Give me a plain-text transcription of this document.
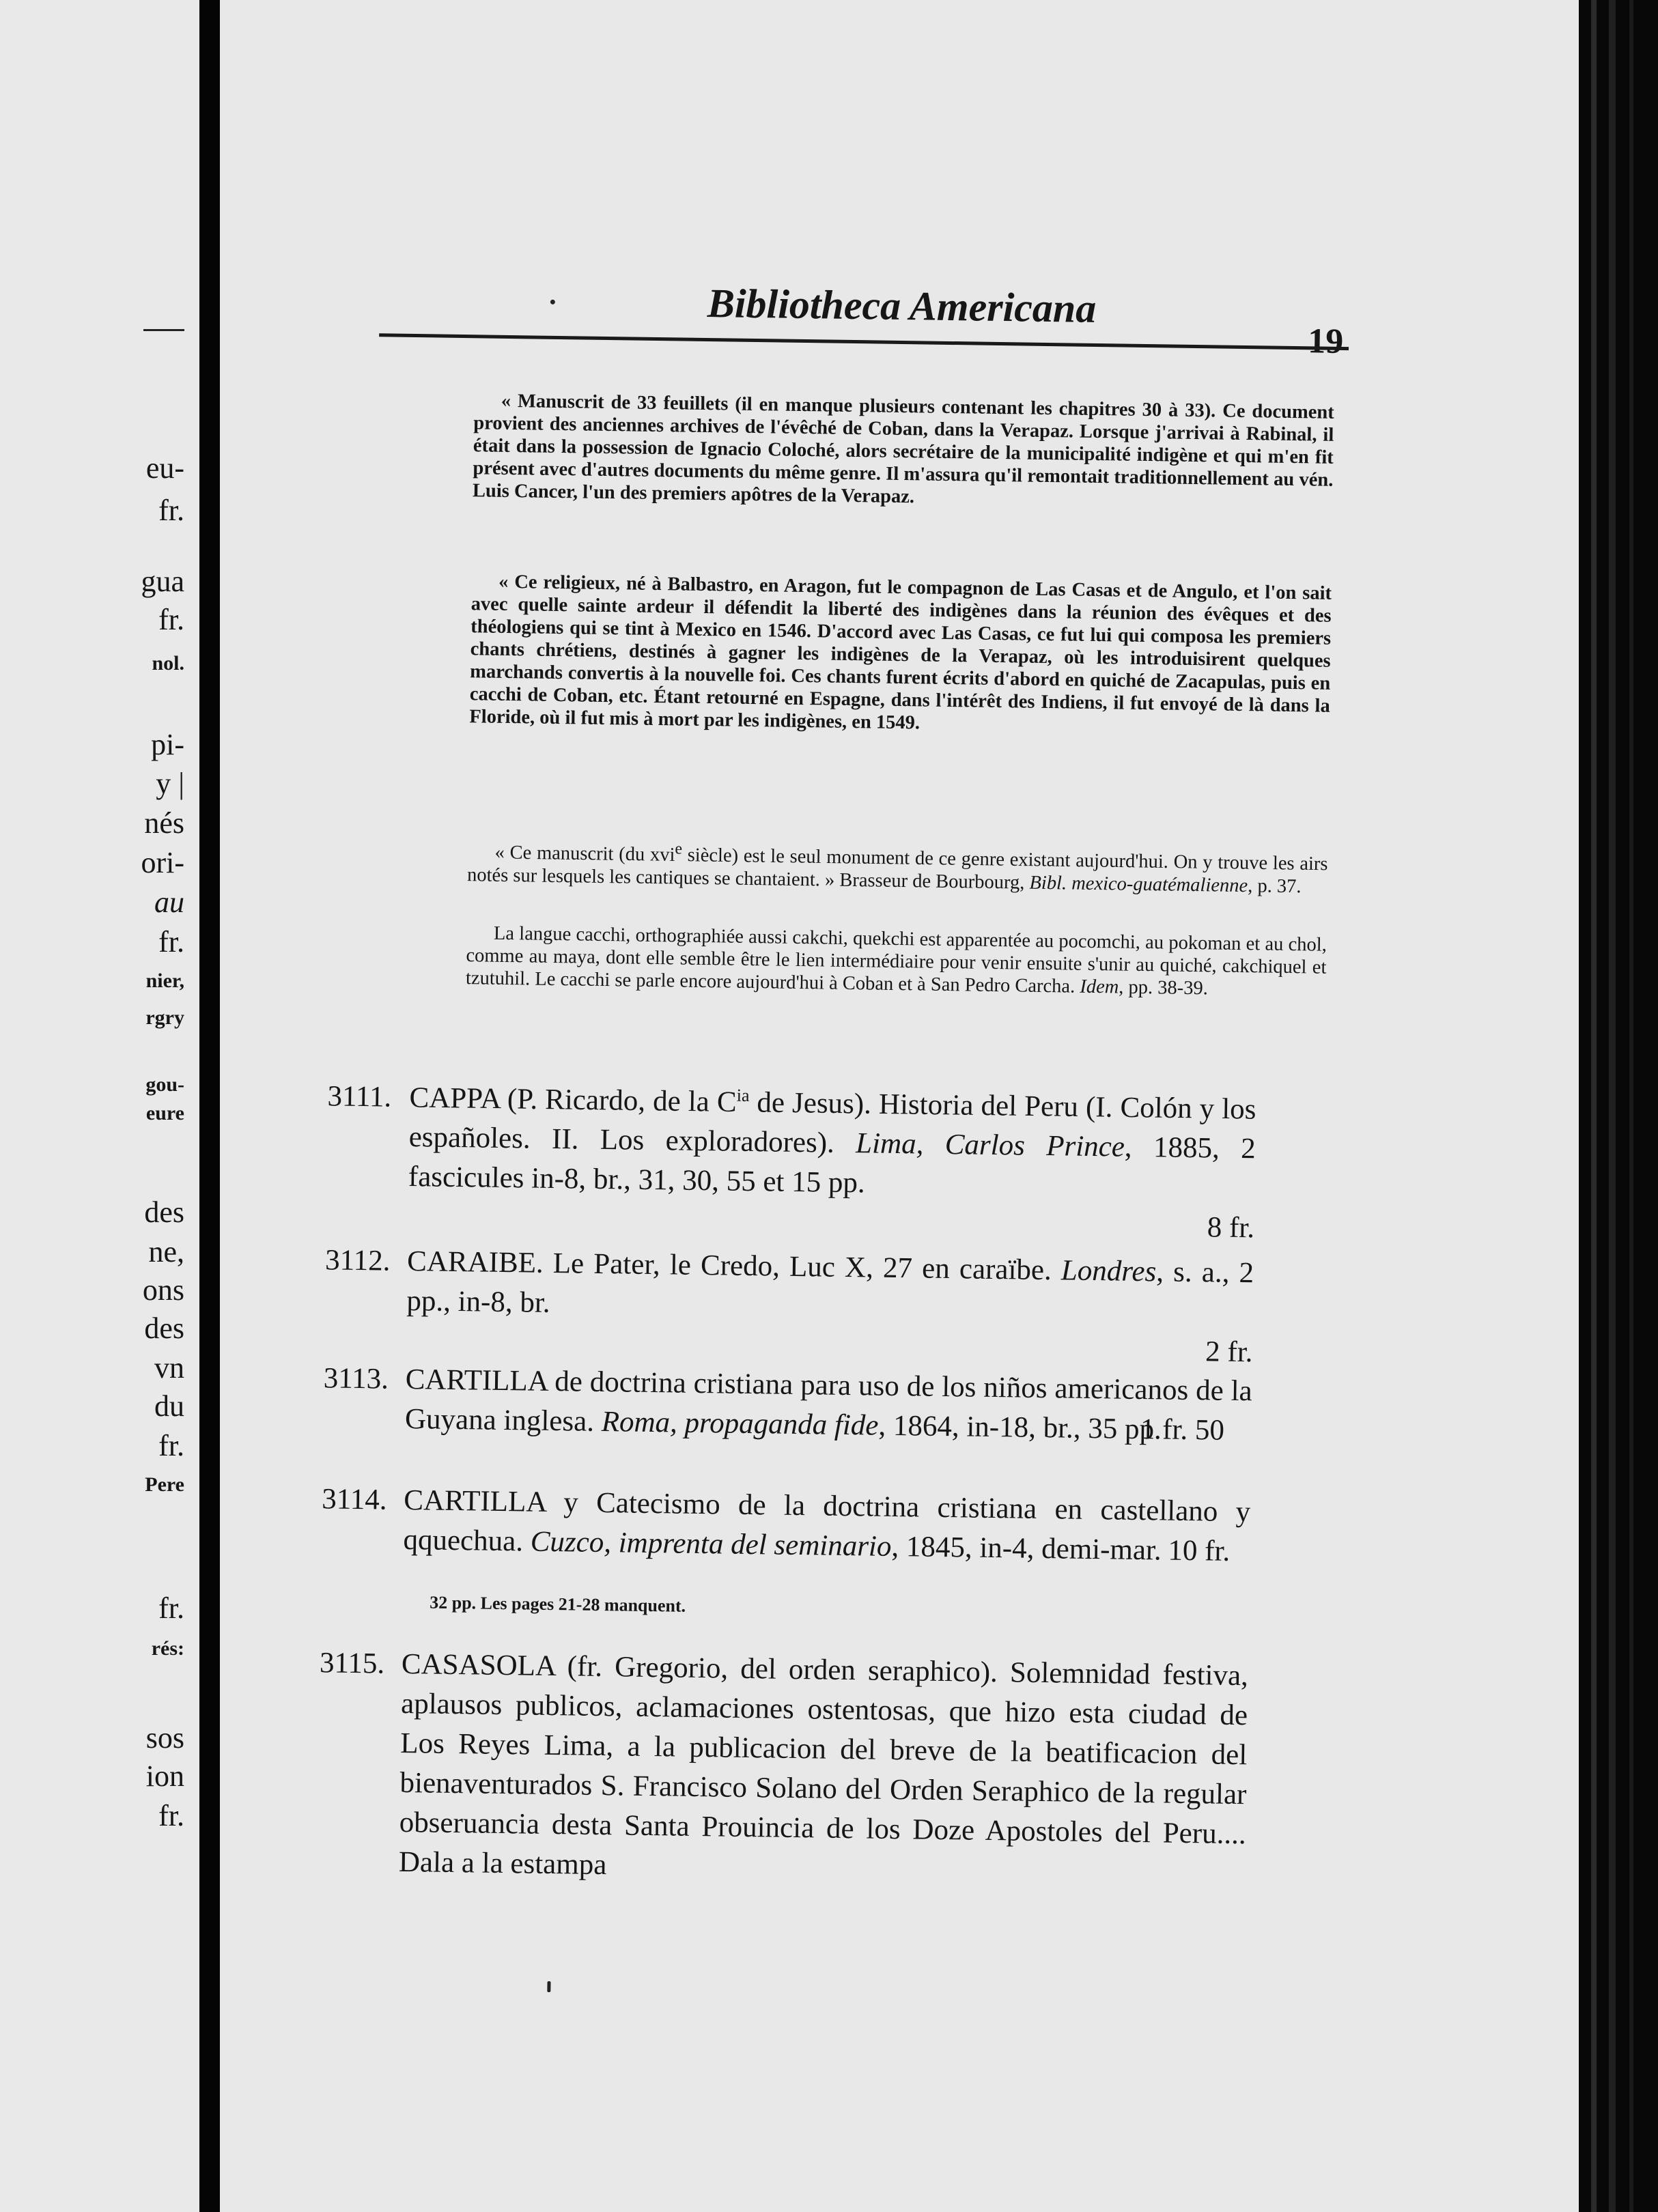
eu-
fr.
gua
fr.
nol.
pi-
y |
nés
ori-
au
fr.
nier,
rgry
gou-
eure
des
ne,
ons
des
vn
du
fr.
Pere
fr.
rés:
sos
ion
fr.
Bibliotheca Americana
19
« Manuscrit de 33 feuillets (il en manque plusieurs contenant les chapitres 30 à 33). Ce document provient des anciennes archives de l'évêché de Coban, dans la Verapaz. Lorsque j'arrivai à Rabinal, il était dans la possession de Ignacio Coloché, alors secrétaire de la municipalité indigène et qui m'en fit présent avec d'autres documents du même genre. Il m'assura qu'il remontait traditionnellement au vén. Luis Cancer, l'un des premiers apôtres de la Verapaz.
« Ce religieux, né à Balbastro, en Aragon, fut le compagnon de Las Casas et de Angulo, et l'on sait avec quelle sainte ardeur il défendit la liberté des indigènes dans la réunion des évêques et des théologiens qui se tint à Mexico en 1546. D'accord avec Las Casas, ce fut lui qui composa les premiers chants chrétiens, destinés à gagner les indigènes de la Verapaz, où les introduisirent quelques marchands convertis à la nouvelle foi. Ces chants furent écrits d'abord en quiché de Zacapulas, puis en cacchi de Coban, etc. Étant retourné en Espagne, dans l'intérêt des Indiens, il fut envoyé de là dans la Floride, où il fut mis à mort par les indigènes, en 1549.
« Ce manuscrit (du xvi$^e$ siècle) est le seul monument de ce genre existant aujourd'hui. On y trouve les airs notés sur lesquels les cantiques se chantaient. » Brasseur de Bourbourg, Bibl. mexico-guatémalienne, p. 37.
La langue cacchi, orthographiée aussi cakchi, quekchi est apparentée au pocomchi, au pokoman et au chol, comme au maya, dont elle semble être le lien intermédiaire pour venir ensuite s'unir au quiché, cakchiquel et tzutuhil. Le cacchi se parle encore aujourd'hui à Coban et à San Pedro Carcha. Idem, pp. 38-39.
3111. CAPPA (P. Ricardo, de la $C^{ia}$ de Jesus). Historia del Peru (I. Colón y los españoles. II. Los exploradores). Lima, Carlos Prince, 1885, 2 fascicules in-8, br., 31, 30, 55 et 15 pp.
8 fr.
3112. CARAIBE. Le Pater, le Credo, Luc X, 27 en caraïbe. Londres, s. a., 2 pp., in-8, br.
2 fr.
3113. CARTILLA de doctrina cristiana para uso de los niños americanos de la Guyana inglesa. Roma, propaganda fide, 1864, in-18, br., 35 pp.
1 fr. 50
3114. CARTILLA y Catecismo de la doctrina cristiana en castellano y qquechua. Cuzco, imprenta del seminario, 1845, in-4, demi-mar. 10 fr.
32 pp. Les pages 21-28 manquent.
3115. CASASOLA (fr. Gregorio, del orden seraphico). Solemnidad festiva, aplausos publicos, aclamaciones ostentosas, que hizo esta ciudad de Los Reyes Lima, a la publicacion del breve de la beatificacion del bienaventurados S. Francisco Solano del Orden Seraphico de la regular obseruancia desta Santa Prouincia de los Doze Apostoles del Peru.... Dala a la estampa
